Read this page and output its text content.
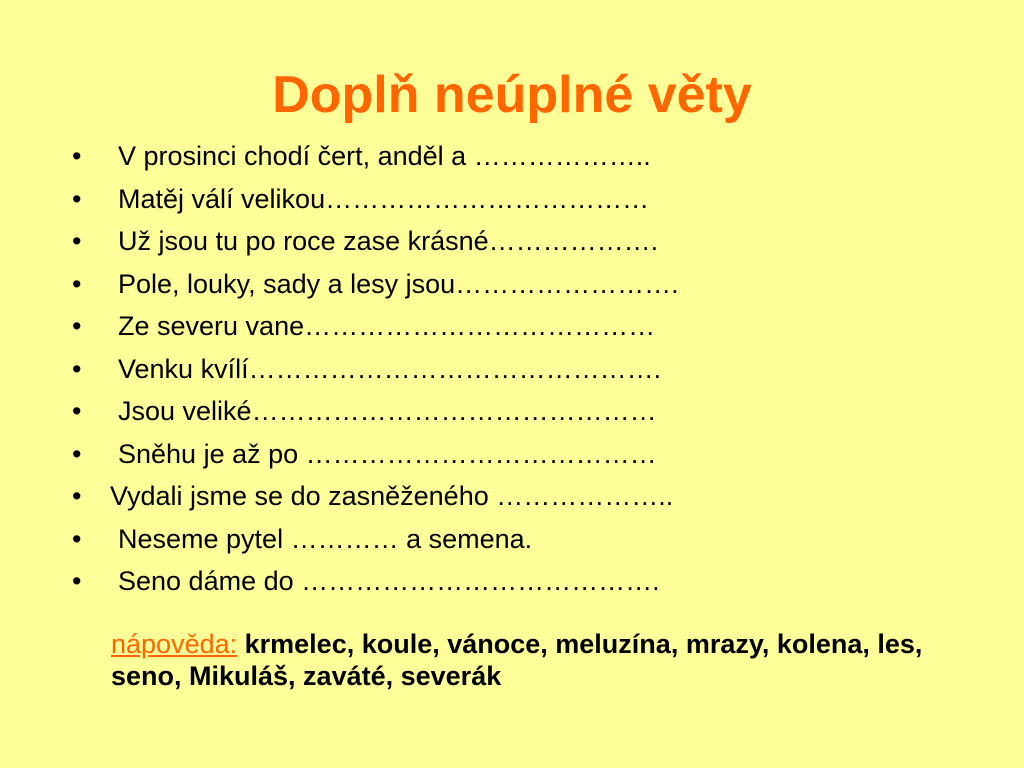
Doplň neúplné věty
•	V prosinci chodí čert, anděl a ………………..
•	Matěj válí velikou………………………………
•	Už jsou tu po roce zase krásné……………….
•	Pole, louky, sady a lesy jsou…………………….
•	Ze severu vane…………………………………
•	Venku kvílí……………………………………….
•	Jsou veliké………………………………………
•	Sněhu je až po …………………………………
•	Vydali jsme se do zasněženého ………………..
•	Neseme pytel ………… a semena.
•	Seno dáme do ………………………………….
nápověda: krmelec, koule, vánoce, meluzína, mrazy, kolena, les, seno, Mikuláš, zaváté, severák
